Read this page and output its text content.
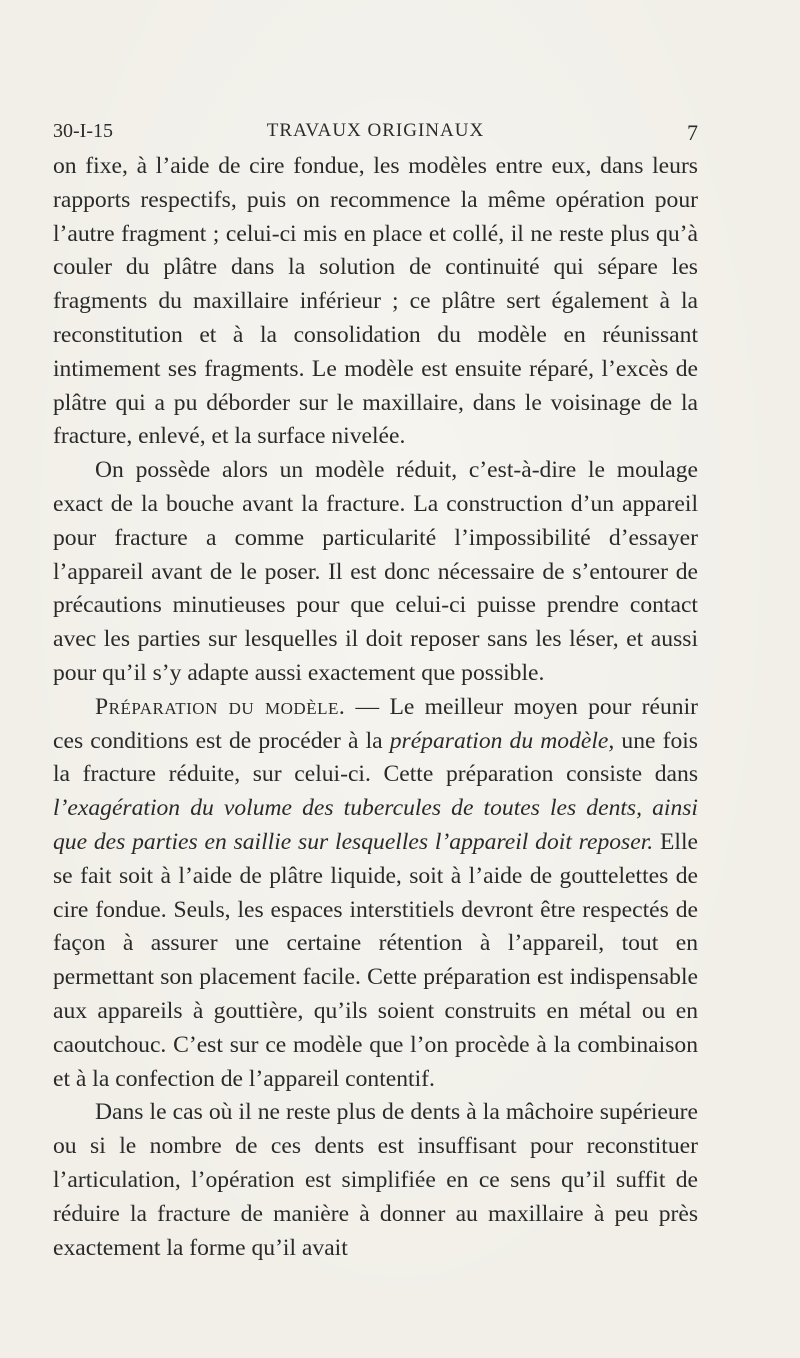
30-I-15	TRAVAUX ORIGINAUX	7

on fixe, à l’aide de cire fondue, les modèles entre eux, dans leurs rapports respectifs, puis on recommence la même opération pour l’autre fragment ; celui-ci mis en place et collé, il ne reste plus qu’à couler du plâtre dans la solution de continuité qui sépare les fragments du maxillaire inférieur ; ce plâtre sert également à la reconstitution et à la consolidation du modèle en réunissant intimement ses fragments. Le modèle est ensuite réparé, l’excès de plâtre qui a pu déborder sur le maxillaire, dans le voisinage de la fracture, enlevé, et la surface nivelée.

On possède alors un modèle réduit, c’est-à-dire le moulage exact de la bouche avant la fracture. La construction d’un appareil pour fracture a comme particularité l’impossibilité d’essayer l’appareil avant de le poser. Il est donc nécessaire de s’entourer de précautions minutieuses pour que celui-ci puisse prendre contact avec les parties sur lesquelles il doit reposer sans les léser, et aussi pour qu’il s’y adapte aussi exactement que possible.

Préparation du modèle. — Le meilleur moyen pour réunir ces conditions est de procéder à la préparation du modèle, une fois la fracture réduite, sur celui-ci. Cette préparation consiste dans l’exagération du volume des tubercules de toutes les dents, ainsi que des parties en saillie sur lesquelles l’appareil doit reposer. Elle se fait soit à l’aide de plâtre liquide, soit à l’aide de gouttelettes de cire fondue. Seuls, les espaces interstitiels devront être respectés de façon à assurer une certaine rétention à l’appareil, tout en permettant son placement facile. Cette préparation est indispensable aux appareils à gouttière, qu’ils soient construits en métal ou en caoutchouc. C’est sur ce modèle que l’on procède à la combinaison et à la confection de l’appareil contentif.

Dans le cas où il ne reste plus de dents à la mâchoire supérieure ou si le nombre de ces dents est insuffisant pour reconstituer l’articulation, l’opération est simplifiée en ce sens qu’il suffit de réduire la fracture de manière à donner au maxillaire à peu près exactement la forme qu’il avait
